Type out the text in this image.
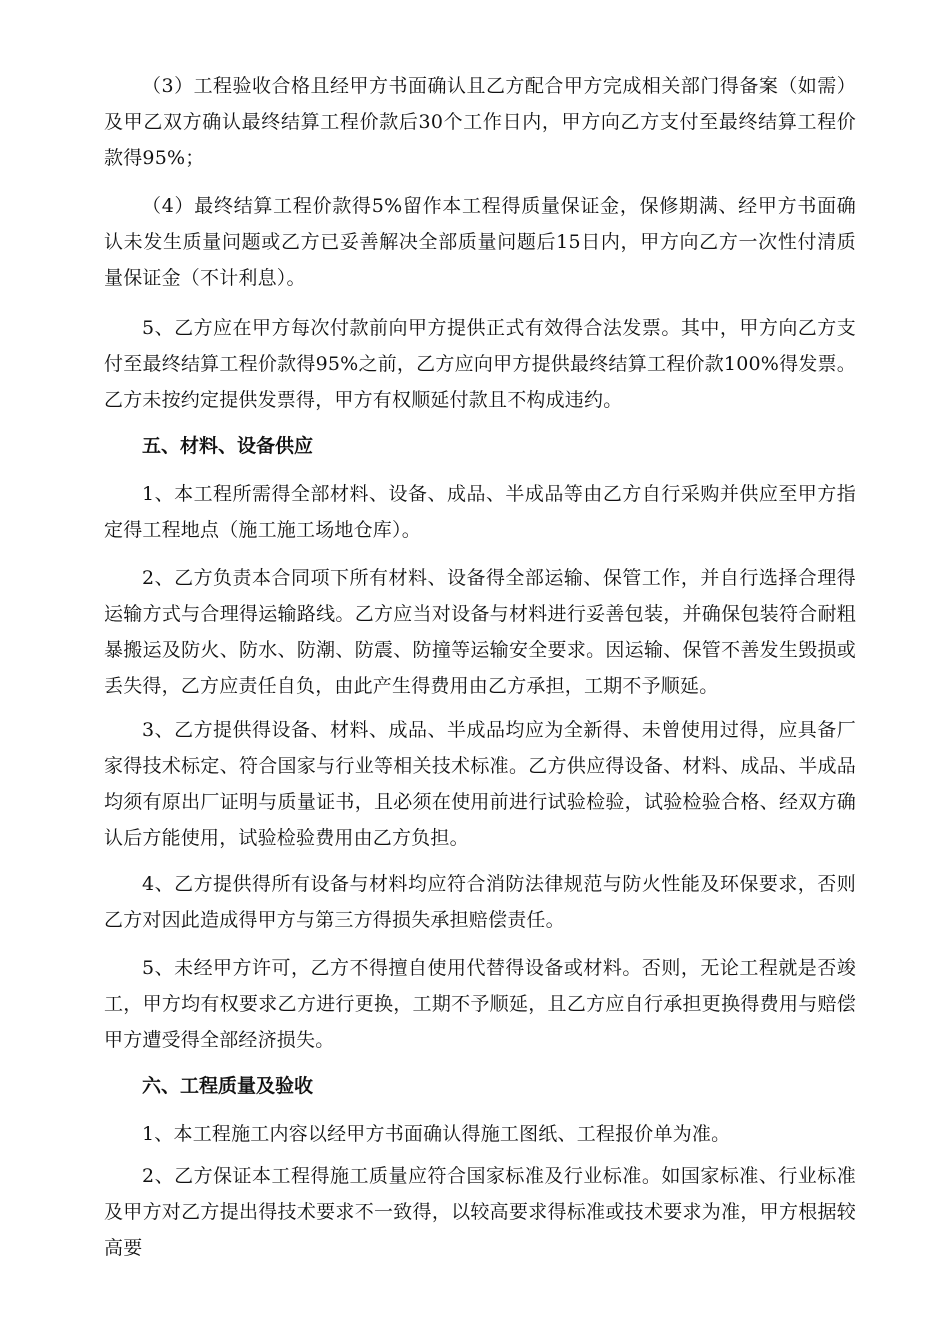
（3）工程验收合格且经甲方书面确认且乙方配合甲方完成相关部门得备案（如需）及甲乙双方确认最终结算工程价款后30个工作日内，甲方向乙方支付至最终结算工程价款得95%；

（4）最终结算工程价款得5%留作本工程得质量保证金，保修期满、经甲方书面确认未发生质量问题或乙方已妥善解决全部质量问题后15日内，甲方向乙方一次性付清质量保证金（不计利息）。

5、乙方应在甲方每次付款前向甲方提供正式有效得合法发票。其中，甲方向乙方支付至最终结算工程价款得95%之前，乙方应向甲方提供最终结算工程价款100%得发票。乙方未按约定提供发票得，甲方有权顺延付款且不构成违约。

五、材料、设备供应

1、本工程所需得全部材料、设备、成品、半成品等由乙方自行采购并供应至甲方指定得工程地点（施工施工场地仓库）。

2、乙方负责本合同项下所有材料、设备得全部运输、保管工作，并自行选择合理得运输方式与合理得运输路线。乙方应当对设备与材料进行妥善包装，并确保包装符合耐粗暴搬运及防火、防水、防潮、防震、防撞等运输安全要求。因运输、保管不善发生毁损或丢失得，乙方应责任自负，由此产生得费用由乙方承担，工期不予顺延。

3、乙方提供得设备、材料、成品、半成品均应为全新得、未曾使用过得，应具备厂家得技术标定、符合国家与行业等相关技术标准。乙方供应得设备、材料、成品、半成品均须有原出厂证明与质量证书，且必须在使用前进行试验检验，试验检验合格、经双方确认后方能使用，试验检验费用由乙方负担。

4、乙方提供得所有设备与材料均应符合消防法律规范与防火性能及环保要求，否则乙方对因此造成得甲方与第三方得损失承担赔偿责任。

5、未经甲方许可，乙方不得擅自使用代替得设备或材料。否则，无论工程就是否竣工，甲方均有权要求乙方进行更换，工期不予顺延，且乙方应自行承担更换得费用与赔偿甲方遭受得全部经济损失。

六、工程质量及验收

1、本工程施工内容以经甲方书面确认得施工图纸、工程报价单为准。

2、乙方保证本工程得施工质量应符合国家标准及行业标准。如国家标准、行业标准及甲方对乙方提出得技术要求不一致得，以较高要求得标准或技术要求为准，甲方根据较高要
